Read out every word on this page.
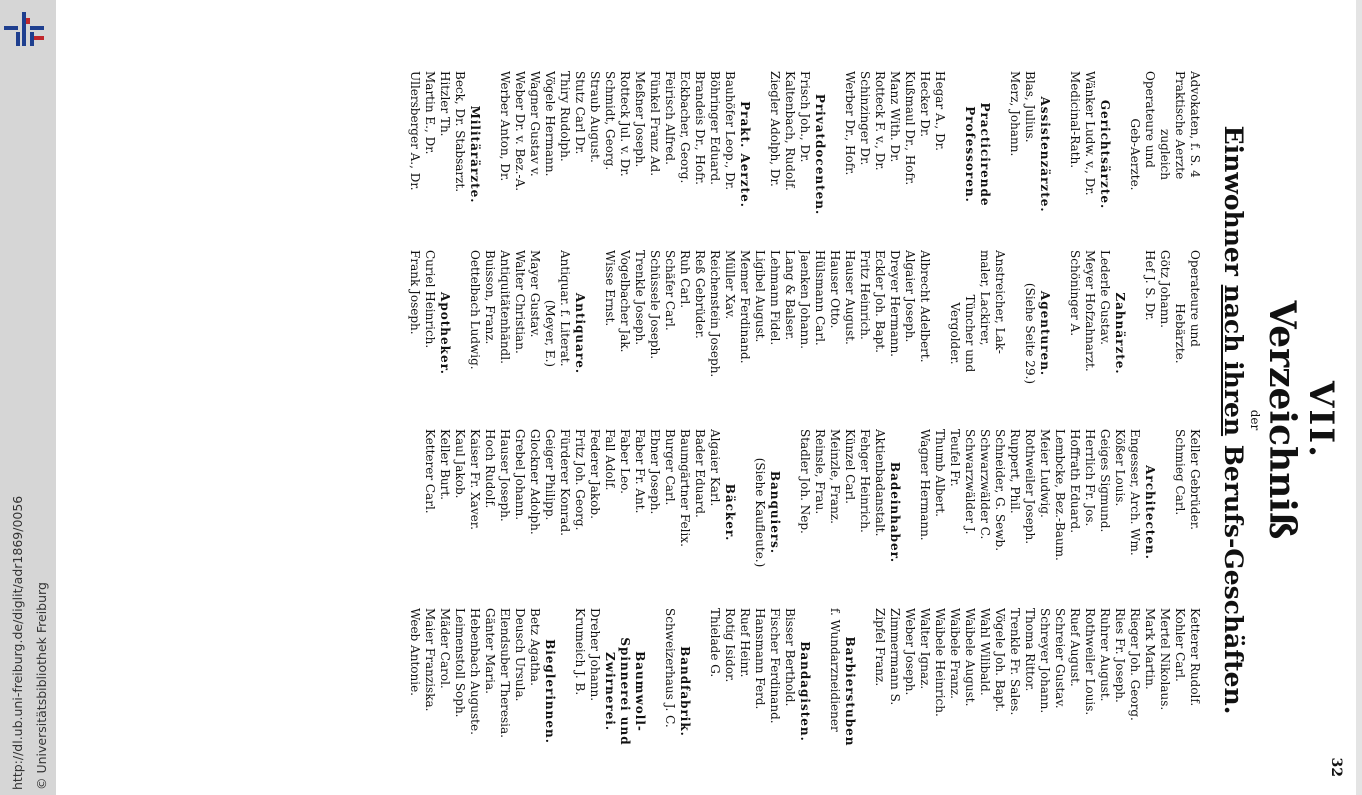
http://dl.ub.uni-freiburg.de/diglit/adr1869/0056 © Universitätsbibliothek Freiburg	32
VII.
Verzeichniß
der
Einwohner nach ihren Berufs-Geschäften.
Advokaten, f. S. 4
Praktische Aerzte
zugleich
Operateure und
Geb-Aerzte.

Gerichtsärzte.
Wänker Ludw. v., Dr.
Medicinal-Rath.

Assistenzärzte.
Blas, Julius.
Merz, Johann.

Practicirende
Professoren.

Hegar A., Dr.
Hecker Dr.
Kußmaul Dr., Hofr.
Manz With. Dr.
Rotteck F. v., Dr.
Schinzinger Dr.
Werber Dr., Hofr.

Privatdocenten.
Frisch Joh., Dr.
Kaltenbach, Rudolf.
Ziegler Adolph, Dr.

Prakt. Aerzte.
Bauhöfer Leop., Dr.
Böhringer Eduard.
Brandeis Dr., Hofr.
Eckbacher, Georg.
Feirisch Alfred.
Fünkel Franz Ad.
Meßner Joseph.
Rotteck Jul. v. Dr.
Schmidt, Georg.
Straub August.
Stutz Carl Dr.
Thiry Rudolph.
Vögele Hermann.
Wagner Gustav v.
Weber Dr. v. Bez.-A.
Werber Anton, Dr.

Militärärzte.
Beck, Dr. Stabsarzt.
Hitzler Th.
Martin E., Dr.
Ullersberger A., Dr.
Operateure und
Hebärzte.
Götz Johann.
Hef J. S. Dr.

Zahnärzte.
Lederle Gustav.
Meyer Hofzahnarzt.
Schöninger A.

Agenturen.
(Siehe Seite 29.)

Anstreicher, Lak-
maler, Lackirer,
Tüncher und
Vergolder.

Albrecht Adelbert.
Algaier Joseph.
Dreyer Hermann.
Eckler Joh. Bapt.
Fritz Heinrich.
Hauser August.
Hauser Otto.
Hülsmann Carl.
Jaenken Johann.
Lang & Balser.
Lehmann Fidel.
Ligibel August.
Memer Ferdinand.
Müller Xav.
Reichenstein Joseph.
Reß Gebrüder.
Ruh Carl.
Schäfer Carl.
Schüssele Joseph.
Trenkle Joseph.
Vogelbacher Jak.
Wisse Ernst.

Antiquare.
Antiquar. f. Literat.
(Meyer, E.)
Mayer Gustav.
Walter Christian.
Antiquitätenhändl.
Buisson, Franz.
Oettelbach Ludwig.

Apotheker.
Curiel Heinrich.
Frank Joseph.
Keller Gebrüder.
Schmieg Carl.

Architecten.
Engesser, Arch. Wm.
Kößer Louis.
Geiges Sigmund.
Herrlich Fr. Jos.
Hoffrath Eduard.
Lembcke, Bez.-Baum.
Meier Ludwig.
Rothweiler Joseph.
Ruppert, Phil.
Schneider, G. Sewb.
Schwarzwälder C.
Schwarzwälder J.
Teufel Fr.
Thumb Albert.
Wagner Hermann.

Badeinhaber.
Aktienbadanstalt.
Fehger Heinrich.
Künzel Carl.
Meinzle, Franz.
Reinsle, Frau.
Stadler Joh. Nep.

Banquiers.
(Siehe Kaufleute.)

Bäcker.
Algaier Karl.
Bader Eduard.
Baumgärtner Felix.
Burger Carl.
Ebner Joseph.
Faber Fr. Ant.
Faber Leo.
Fall Adolf.
Federer Jakob.
Fritz Joh. Georg.
Fürderer Konrad.
Geiger Philipp.
Glockner Adolph.
Grebel Johann.
Hauser Joseph.
Hoch Rudolf.
Kaiser Fr. Xaver.
Kaul Jakob.
Keller Burt.
Ketterer Carl.
Ketterer Rudolf.
Kohler Carl.
Mertel Nikolaus.
Mark Martin.
Rieger Joh. Georg.
Ries Fr. Joseph.
Ruhrer August.
Rothweiler Louis.
Ruef August.
Schreier Gustav.
Schreyer Johann.
Thoma Rittor.
Trenkle Fr. Sales.
Vögele Joh. Bapt.
Wahl Wilibald.
Waibele August.
Waibele Franz.
Waibele Heinrich.
Walter Ignaz.
Weber Joseph.
Zimmermann S.
Zipfel Franz.

Barbierstuben
f. Wundarzneidiener

Bandagisten.
Bisser Berthold.
Fischer Ferdinand.
Hansmann Ferd.
Ruef Heinr.
Rotig Isidor.
Thielade G.

Bandfabrik.
Schweizerhaus J. C.

Baumwoll-
Spinnerei und
Zwirnerei.
Dreher Johann.
Krumeich J. B.

Bieglerinnen.
Betz Agatha.
Deusch Ursula.
Elendsuber Theresia.
Gänter Maria.
Hebenbach Auguste.
Leimenstoll Soph.
Mäder Carol.
Maier Franziska.
Weeb Antonie.
